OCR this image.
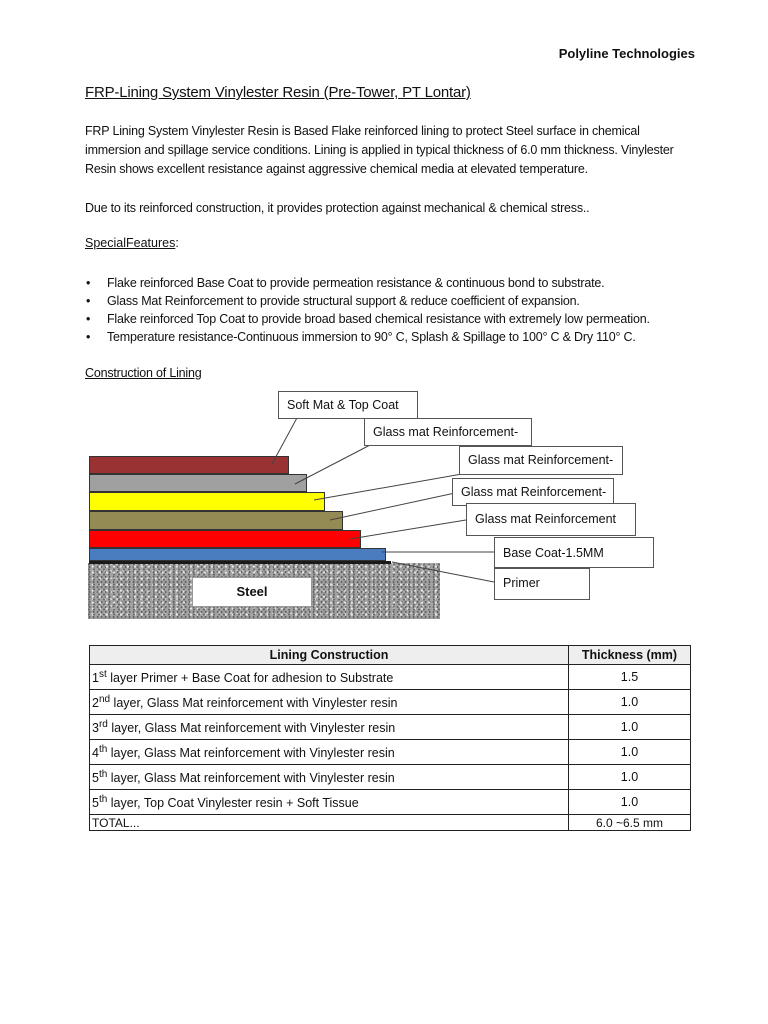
Polyline Technologies
FRP-Lining System Vinylester Resin (Pre-Tower, PT Lontar)
FRP Lining System Vinylester Resin is Based Flake reinforced lining to protect Steel surface in chemical immersion and spillage service conditions. Lining is applied in typical thickness of 6.0 mm thickness. Vinylester Resin shows excellent resistance against aggressive chemical media at elevated temperature.
Due to its reinforced construction, it provides protection against mechanical & chemical stress..
SpecialFeatures:
• Flake reinforced Base Coat to provide permeation resistance & continuous bond to substrate.
• Glass Mat Reinforcement to provide structural support & reduce coefficient of expansion.
• Flake reinforced Top Coat to provide broad based chemical resistance with extremely low permeation.
• Temperature resistance-Continuous immersion to 90° C, Splash & Spillage to 100° C & Dry 110° C.
Construction of Lining
Steel
Soft Mat & Top Coat
Glass mat Reinforcement-
Glass mat Reinforcement-
Glass mat Reinforcement-
Glass mat Reinforcement
Base Coat-1.5MM
Primer
Lining Construction	Thickness (mm)
1st layer Primer + Base Coat for adhesion to Substrate	1.5
2nd layer, Glass Mat reinforcement with Vinylester resin	1.0
3rd layer, Glass Mat reinforcement with Vinylester resin	1.0
4th layer, Glass Mat reinforcement with Vinylester resin	1.0
5th layer, Glass Mat reinforcement with Vinylester resin	1.0
5th layer, Top Coat Vinylester resin + Soft Tissue	1.0
TOTAL...	6.0 ~6.5 mm
